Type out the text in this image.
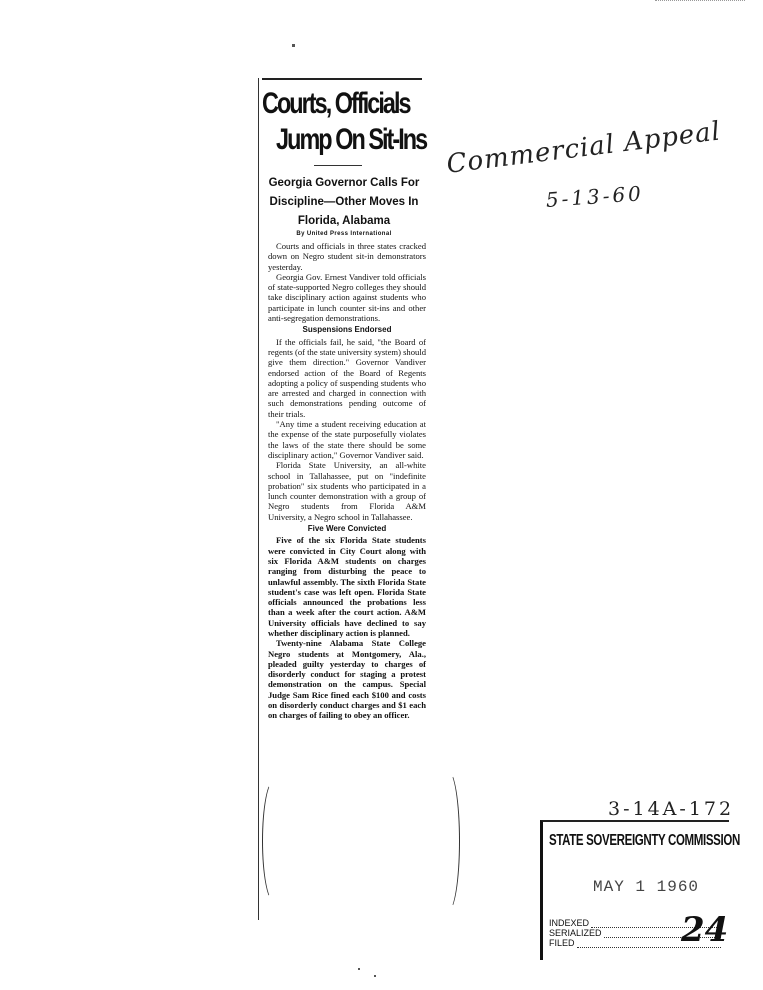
Courts, Officials
Jump On Sit-Ins
Georgia Governor Calls For Discipline—Other Moves In Florida, Alabama
By United Press International

Courts and officials in three states cracked down on Negro student sit-in demonstrators yesterday.

Georgia Gov. Ernest Vandiver told officials of state-supported Negro colleges they should take disciplinary action against students who participate in lunch counter sit-ins and other anti-segregation demonstrations.

Suspensions Endorsed

If the officials fail, he said, "the Board of regents (of the state university system) should give them direction." Governor Vandiver endorsed action of the Board of Regents adopting a policy of suspending students who are arrested and charged in connection with such demonstrations pending outcome of their trials.

"Any time a student receiving education at the expense of the state purposefully violates the laws of the state there should be some disciplinary action," Governor Vandiver said.

Florida State University, an all-white school in Tallahassee, put on "indefinite probation" six students who participated in a lunch counter demonstration with a group of Negro students from Florida A&M University, a Negro school in Tallahassee.

Five Were Convicted

Five of the six Florida State students were convicted in City Court along with six Florida A&M students on charges ranging from disturbing the peace to unlawful assembly. The sixth Florida State student's case was left open. Florida State officials announced the probations less than a week after the court action. A&M University officials have declined to say whether disciplinary action is planned.

Twenty-nine Alabama State College Negro students at Montgomery, Ala., pleaded guilty yesterday to charges of disorderly conduct for staging a protest demonstration on the campus. Special Judge Sam Rice fined each $100 and costs on disorderly conduct charges and $1 each on charges of failing to obey an officer.

Commercial Appeal
5-13-60
3-14A-172
STATE SOVEREIGNTY COMMISSION
MAY 1 1960
INDEXED
SERIALIZED
FILED	24
